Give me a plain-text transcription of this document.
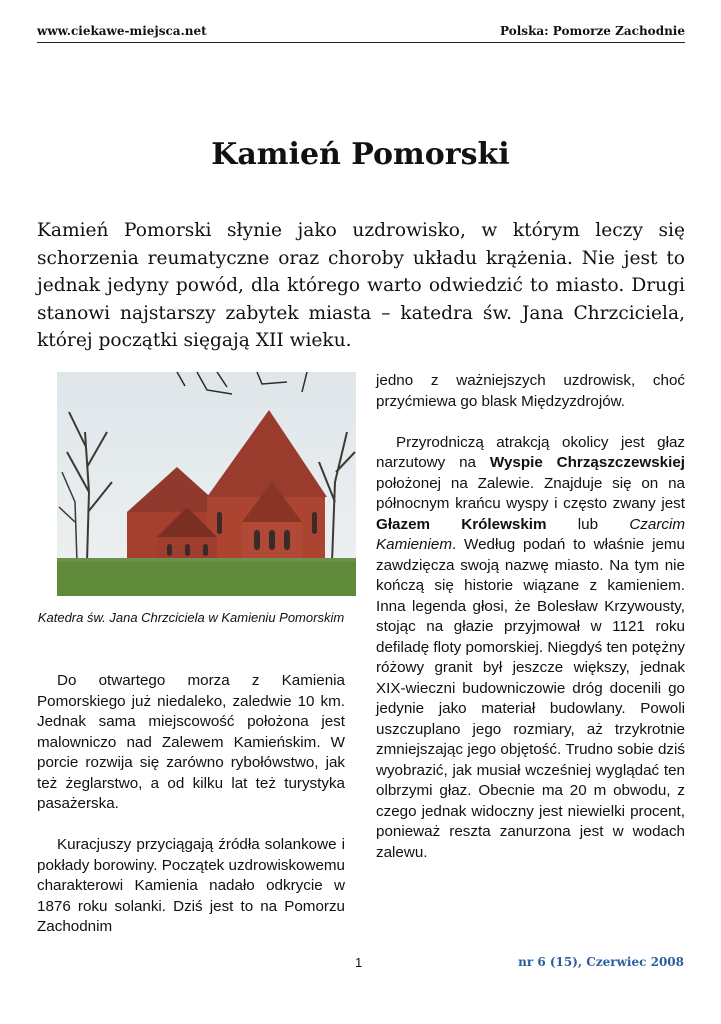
www.ciekawe-miejsca.net	Polska: Pomorze Zachodnie
Kamień Pomorski

Kamień Pomorski słynie jako uzdrowisko, w którym leczy się schorzenia reumatyczne oraz choroby układu krążenia. Nie jest to jednak jedyny powód, dla którego warto odwiedzić to miasto. Drugi stanowi najstarszy zabytek miasta – katedra św. Jana Chrzciciela, której początki sięgają XII wieku.

Katedra św. Jana Chrzciciela w Kamieniu Pomorskim

Do otwartego morza z Kamienia Pomorskiego już niedaleko, zaledwie 10 km. Jednak sama miejscowość położona jest malowniczo nad Zalewem Kamieńskim. W porcie rozwija się zarówno rybołówstwo, jak też żeglarstwo, a od kilku lat też turystyka pasażerska.

Kuracjuszy przyciągają źródła solankowe i pokłady borowiny. Początek uzdrowiskowemu charakterowi Kamienia nadało odkrycie w 1876 roku solanki. Dziś jest to na Pomorzu Zachodnim

jedno z ważniejszych uzdrowisk, choć przyćmiewa go blask Międzyzdrojów.

Przyrodniczą atrakcją okolicy jest głaz narzutowy na Wyspie Chrząszczewskiej położonej na Zalewie. Znajduje się on na północnym krańcu wyspy i często zwany jest Głazem Królewskim lub Czarcim Kamieniem. Według podań to właśnie jemu zawdzięcza swoją nazwę miasto. Na tym nie kończą się historie wiązane z kamieniem. Inna legenda głosi, że Bolesław Krzywousty, stojąc na głazie przyjmował w 1121 roku defiladę floty pomorskiej. Niegdyś ten potężny różowy granit był jeszcze większy, jednak XIX-wieczni budowniczowie dróg docenili go jedynie jako materiał budowlany. Powoli uszczuplano jego rozmiary, aż trzykrotnie zmniejszając jego objętość. Trudno sobie dziś wyobrazić, jak musiał wcześniej wyglądać ten olbrzymi głaz. Obecnie ma 20 m obwodu, z czego jednak widoczny jest niewielki procent, ponieważ reszta zanurzona jest w wodach zalewu.

1	nr 6 (15), Czerwiec 2008
